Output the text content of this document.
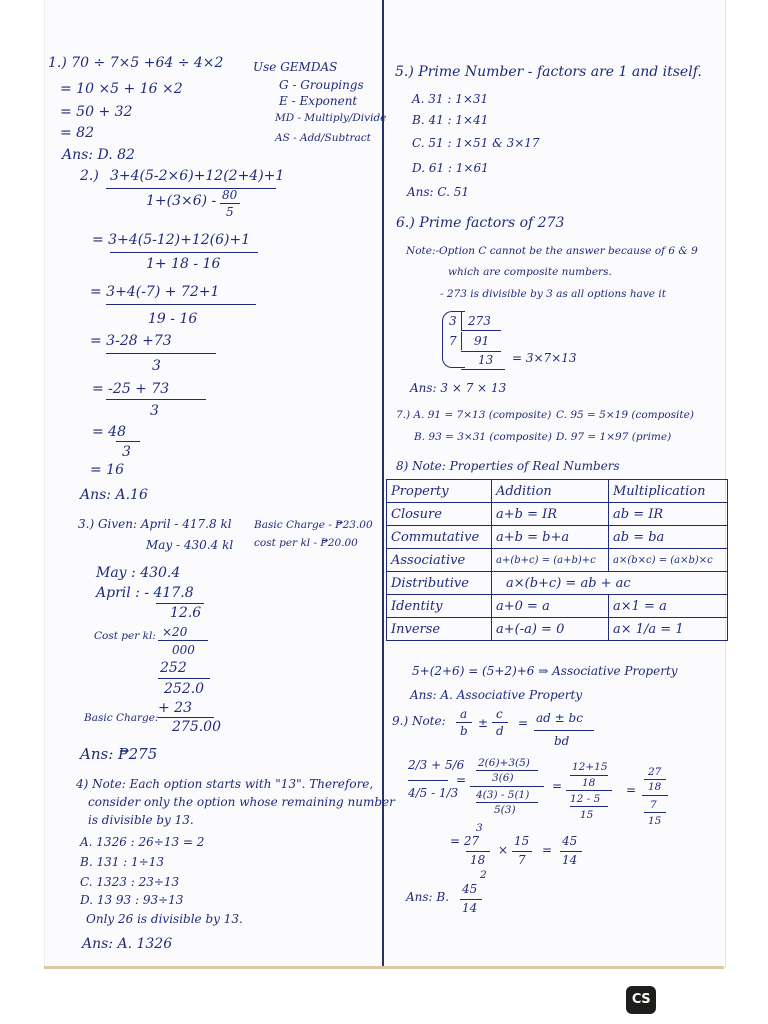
1.) 70 ÷ 7×5 +64 ÷ 4×2
= 10 ×5 + 16 ×2
= 50 + 32
= 82
Ans: D. 82
Use GEMDAS
G - Groupings
E - Exponent
MD - Multiply/Divide
AS - Add/Subtract
2.) 3+4(5-2×6)+12(2+4)+1
1+(3×6) - 80
5
= 3+4(5-12)+12(6)+1
1+ 18 - 16
= 3+4(-7) + 72+1
19 - 16
= 3-28 +73
3
= -25 + 73
3
= 48
3
= 16
Ans: A.16
3.) Given: April - 417.8 kl
May - 430.4 kl
Basic Charge - ₱23.00
cost per kl - ₱20.00
May : 430.4
April : - 417.8
12.6
Cost per kl: ×20
000
252
252.0
Basic Charge:
+ 23
275.00
Ans: ₱275
4) Note: Each option starts with "13". Therefore,
consider only the option whose remaining number
is divisible by 13.
A. 1326 : 26÷13 = 2
B. 131 : 1÷13
C. 1323 : 23÷13
D. 13 93 : 93÷13
Only 26 is divisible by 13.
Ans: A. 1326
5.) Prime Number - factors are 1 and itself.
A. 31 : 1×31
B. 41 : 1×41
C. 51 : 1×51 & 3×17
D. 61 : 1×61
Ans: C. 51
6.) Prime factors of 273
Note:-Option C cannot be the answer because of 6 & 9
which are composite numbers.
- 273 is divisible by 3 as all options have it
3 273
7 91
13 = 3×7×13
Ans: 3 × 7 × 13
7.) A. 91 = 7×13 (composite)
B. 93 = 3×31 (composite)
C. 95 = 5×19 (composite)
D. 97 = 1×97 (prime)
8) Note: Properties of Real Numbers
Property	Addition	Multiplication
Closure	a+b = IR	ab = IR
Commutative	a+b = b+a	ab = ba
Associative	a+(b+c) = (a+b)+c	a×(b×c) = (a×b)×c
Distributive	a×(b+c) = ab + ac	
Identity	a+0 = a	a×1 = a
Inverse	a+(-a) = 0	a× 1/a = 1
5+(2+6) = (5+2)+6 ⇒ Associative Property
Ans: A. Associative Property
9.) Note: a
b
±
c
d
= ad ± bc
bd
2/3 + 5/6
4/5 - 1/3
=
2(6)+3(5)
3(6)
4(3) - 5(1)
5(3)
=
12+15
18
12 - 5
15
=
27
18
7
15
3
= 27
18
2
×
15
7
=
45
14
Ans: B.
45
14
CS
